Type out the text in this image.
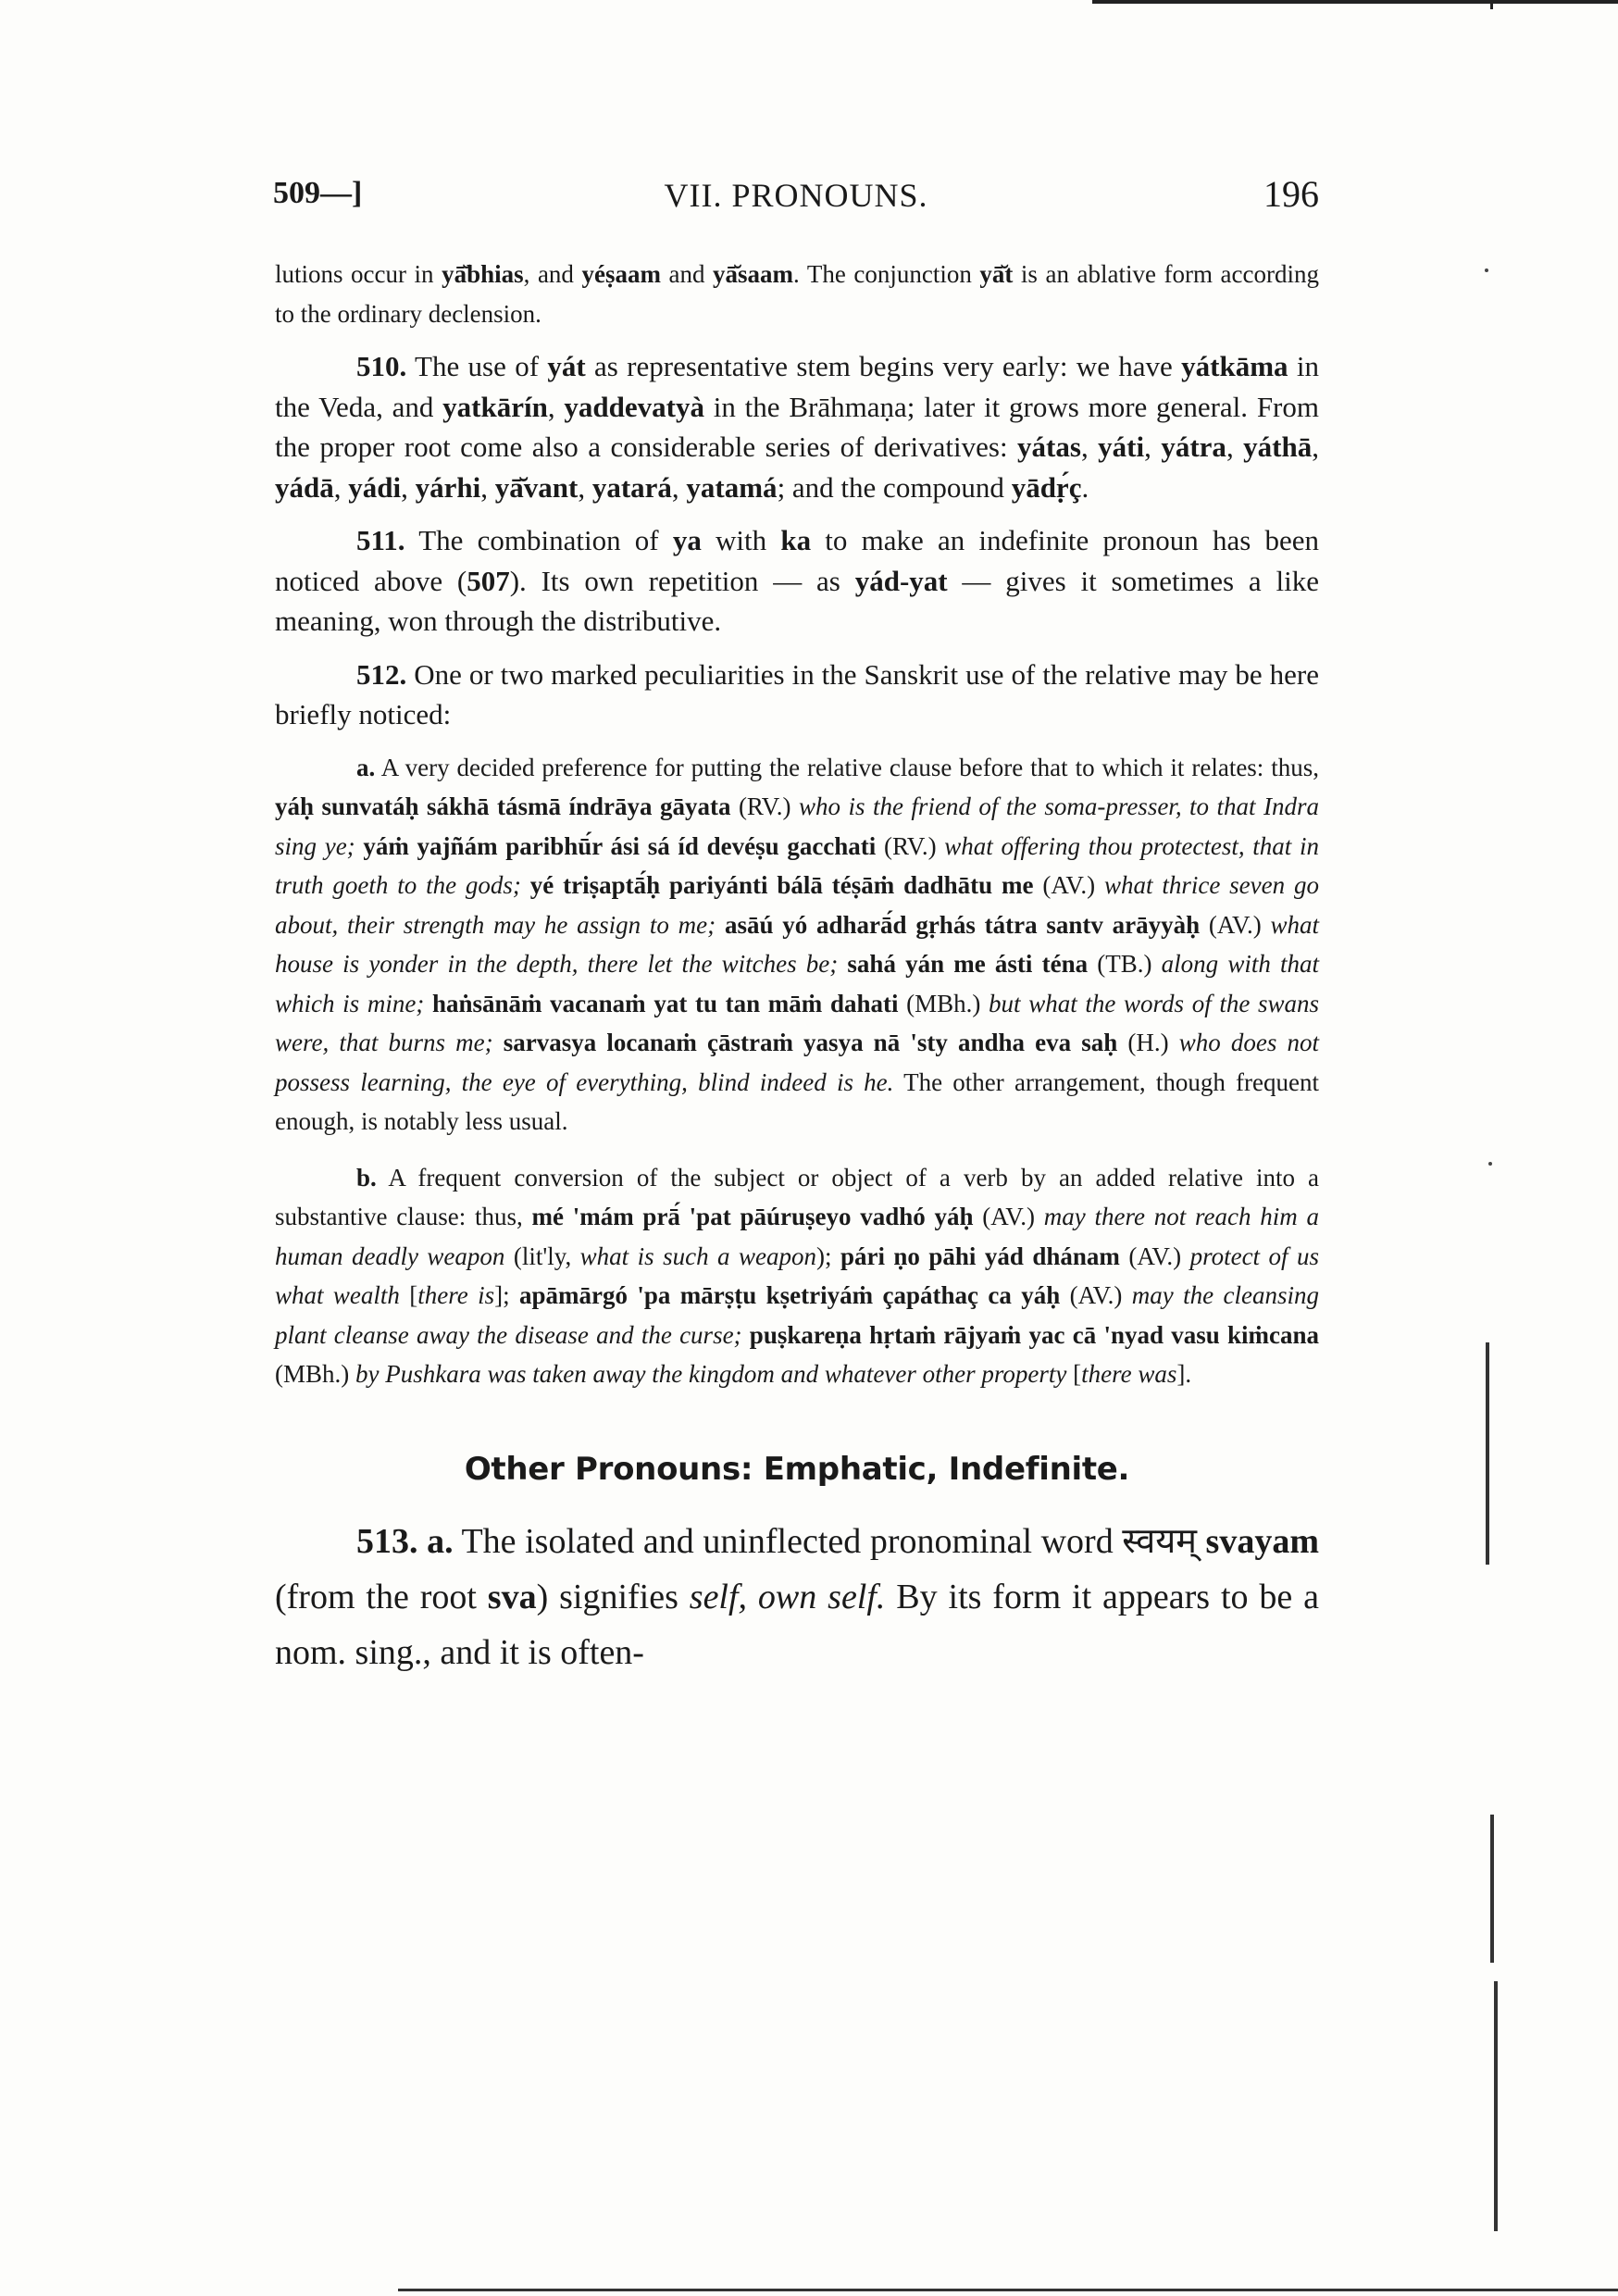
509—]	VII. PRONOUNS.	196

lutions occur in yā̆bhias, and yéṣaam and yā̆saam. The conjunction yā̆t is an ablative form according to the ordinary declension.

510. The use of yát as representative stem begins very early: we have yátkāma in the Veda, and yatkārín, yaddevatyà in the Brāhmaṇa; later it grows more general. From the proper root come also a considerable series of derivatives: yátas, yáti, yátra, yáthā, yádā, yádi, yárhi, yā̆vant, yatará, yatamá; and the compound yādṛ́ç.

511. The combination of ya with ka to make an indefinite pronoun has been noticed above (507). Its own repetition — as yád-yat — gives it sometimes a like meaning, won through the distributive.

512. One or two marked peculiarities in the Sanskrit use of the relative may be here briefly noticed:

a. A very decided preference for putting the relative clause before that to which it relates: thus, yáḥ sunvatáḥ sákhā tásmā índrāya gāyata (RV.) who is the friend of the soma-presser, to that Indra sing ye; yáṁ yajñám paribhū́r ási sá íd devéṣu gacchati (RV.) what offering thou protectest, that in truth goeth to the gods; yé triṣaptā́ḥ pariyánti bálā téṣāṁ dadhātu me (AV.) what thrice seven go about, their strength may he assign to me; asāú yó adharā́d gṛhás tátra santv arāyyàḥ (AV.) what house is yonder in the depth, there let the witches be; sahá yán me ásti téna (TB.) along with that which is mine; haṅsānāṁ vacanaṁ yat tu tan māṁ dahati (MBh.) but what the words of the swans were, that burns me; sarvasya locanaṁ çāstraṁ yasya nā 'sty andha eva saḥ (H.) who does not possess learning, the eye of everything, blind indeed is he. The other arrangement, though frequent enough, is notably less usual.

b. A frequent conversion of the subject or object of a verb by an added relative into a substantive clause: thus, mé 'mám prā́ 'pat pāúruṣeyo vadhó yáḥ (AV.) may there not reach him a human deadly weapon (lit'ly, what is such a weapon); pári ṇo pāhi yád dhánam (AV.) protect of us what wealth [there is]; apāmārgó 'pa mārṣṭu kṣetriyáṁ çapáthaç ca yáḥ (AV.) may the cleansing plant cleanse away the disease and the curse; puṣkareṇa hṛtaṁ rājyaṁ yac cā 'nyad vasu kiṁcana (MBh.) by Pushkara was taken away the kingdom and whatever other property [there was].

Other Pronouns: Emphatic, Indefinite.

513. a. The isolated and uninflected pronominal word स्वयम् svayam (from the root sva) signifies self, own self. By its form it appears to be a nom. sing., and it is often-
